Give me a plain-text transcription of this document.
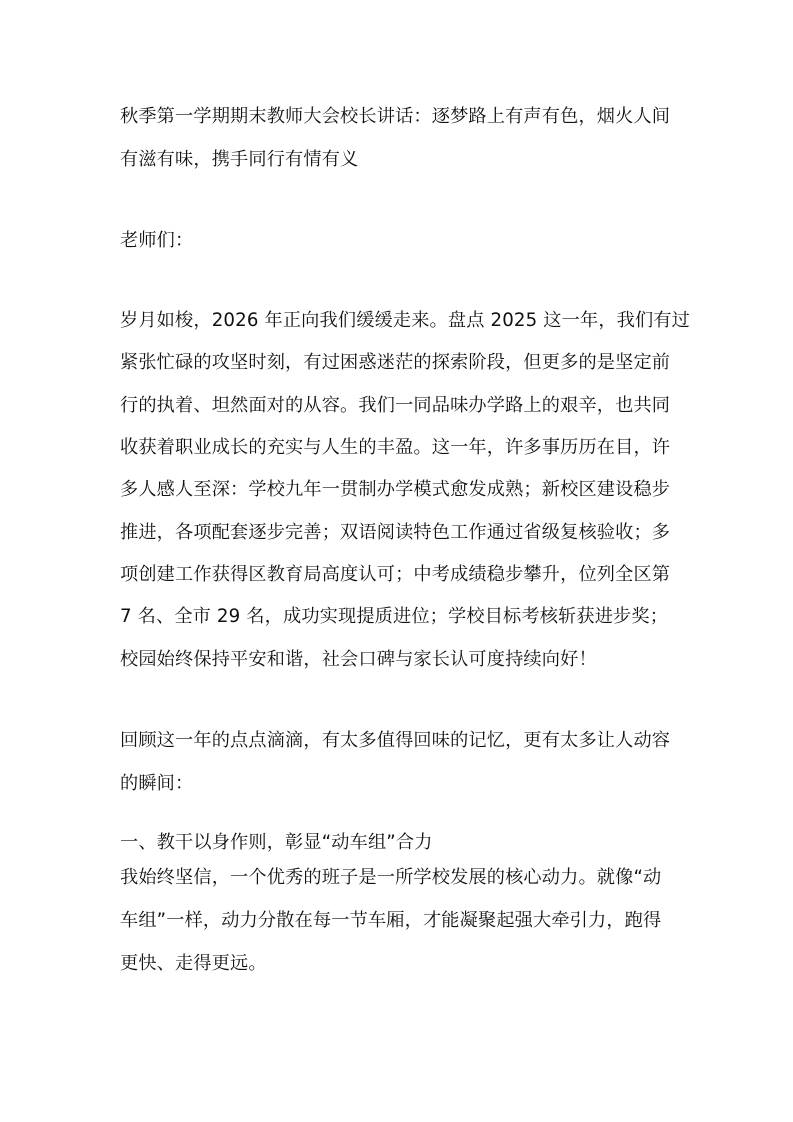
秋季第一学期期末教师大会校长讲话：逐梦路上有声有色，烟火人间
有滋有味，携手同行有情有义
老师们：
岁月如梭，2026 年正向我们缓缓走来。盘点 2025 这一年，我们有过
紧张忙碌的攻坚时刻，有过困惑迷茫的探索阶段，但更多的是坚定前
行的执着、坦然面对的从容。我们一同品味办学路上的艰辛，也共同
收获着职业成长的充实与人生的丰盈。这一年，许多事历历在目，许
多人感人至深：学校九年一贯制办学模式愈发成熟；新校区建设稳步
推进，各项配套逐步完善；双语阅读特色工作通过省级复核验收；多
项创建工作获得区教育局高度认可；中考成绩稳步攀升，位列全区第
7 名、全市 29 名，成功实现提质进位；学校目标考核斩获进步奖；
校园始终保持平安和谐，社会口碑与家长认可度持续向好！
回顾这一年的点点滴滴，有太多值得回味的记忆，更有太多让人动容
的瞬间：
一、教干以身作则，彰显“动车组”合力
我始终坚信，一个优秀的班子是一所学校发展的核心动力。就像“动
车组”一样，动力分散在每一节车厢，才能凝聚起强大牵引力，跑得
更快、走得更远。
